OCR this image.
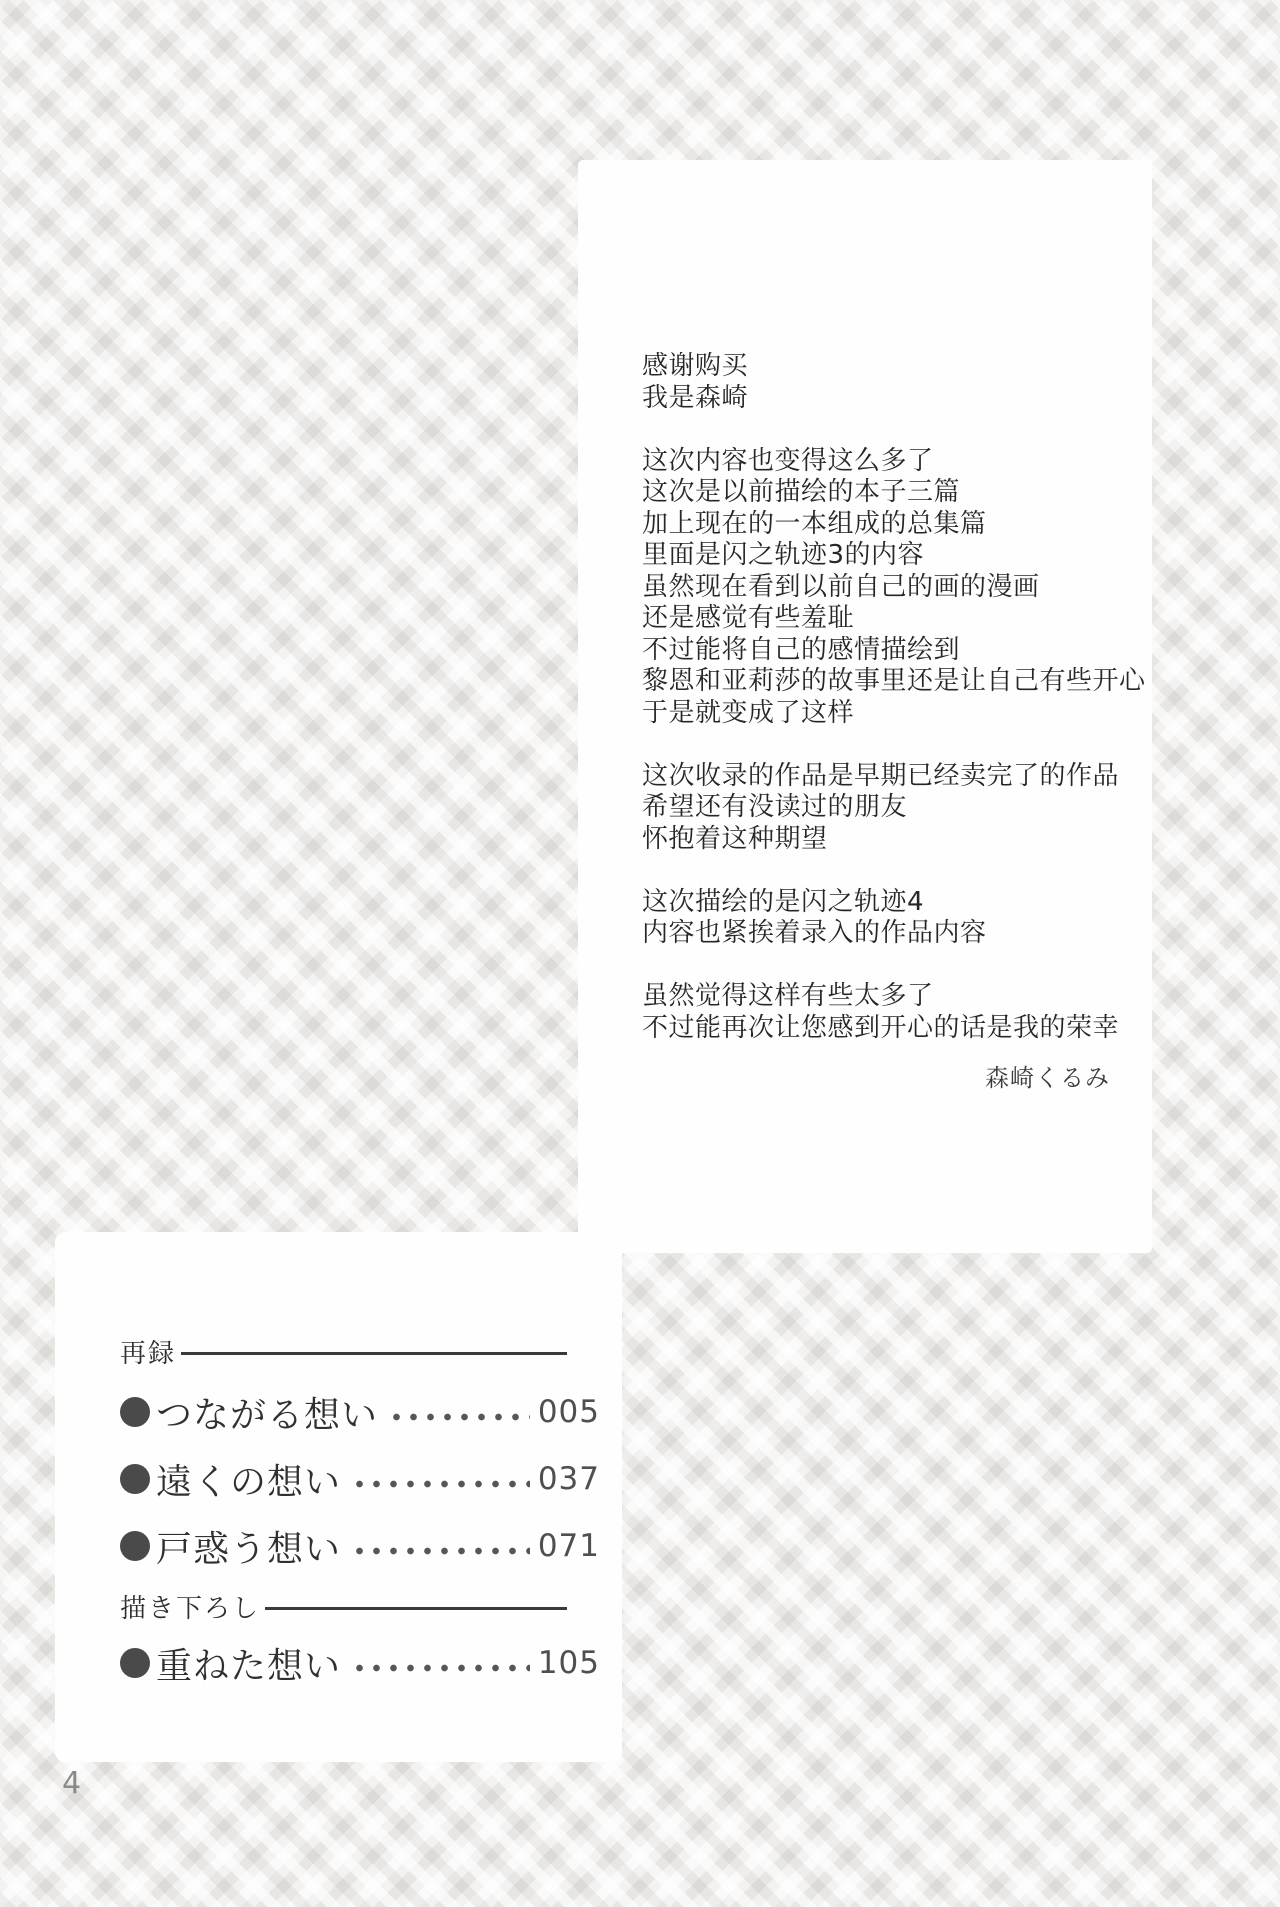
感谢购买
我是森崎
这次内容也变得这么多了
这次是以前描绘的本子三篇
加上现在的一本组成的总集篇
里面是闪之轨迹3的内容
虽然现在看到以前自己的画的漫画
还是感觉有些羞耻
不过能将自己的感情描绘到
黎恩和亚莉莎的故事里还是让自己有些开心
于是就变成了这样
这次收录的作品是早期已经卖完了的作品
希望还有没读过的朋友
怀抱着这种期望
这次描绘的是闪之轨迹4
内容也紧挨着录入的作品内容
虽然觉得这样有些太多了
不过能再次让您感到开心的话是我的荣幸
森崎くるみ
再録
つながる想い	005
遠くの想い	037
戸惑う想い	071
描き下ろし
重ねた想い	105
4
